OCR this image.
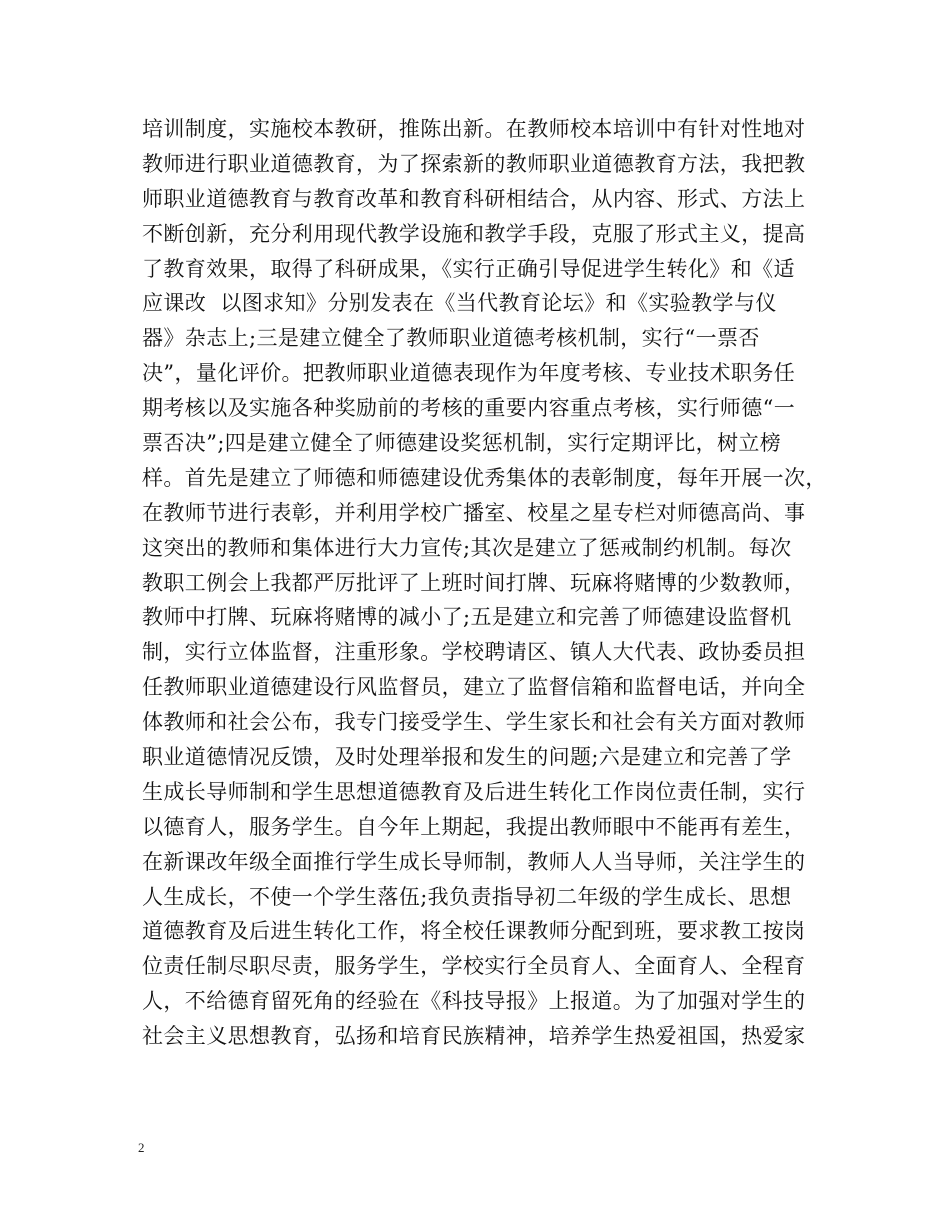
培训制度，实施校本教研，推陈出新。在教师校本培训中有针对性地对
教师进行职业道德教育，为了探索新的教师职业道德教育方法，我把教
师职业道德教育与教育改革和教育科研相结合，从内容、形式、方法上
不断创新，充分利用现代教学设施和教学手段，克服了形式主义，提高
了教育效果，取得了科研成果，《实行正确引导促进学生转化》和《适
应课改  以图求知》分别发表在《当代教育论坛》和《实验教学与仪
器》杂志上;三是建立健全了教师职业道德考核机制，实行“一票否
决”，量化评价。把教师职业道德表现作为年度考核、专业技术职务任
期考核以及实施各种奖励前的考核的重要内容重点考核，实行师德“一
票否决”;四是建立健全了师德建设奖惩机制，实行定期评比，树立榜
样。首先是建立了师德和师德建设优秀集体的表彰制度，每年开展一次，
在教师节进行表彰，并利用学校广播室、校星之星专栏对师德高尚、事
这突出的教师和集体进行大力宣传;其次是建立了惩戒制约机制。每次
教职工例会上我都严厉批评了上班时间打牌、玩麻将赌博的少数教师，
教师中打牌、玩麻将赌博的减小了;五是建立和完善了师德建设监督机
制，实行立体监督，注重形象。学校聘请区、镇人大代表、政协委员担
任教师职业道德建设行风监督员，建立了监督信箱和监督电话，并向全
体教师和社会公布，我专门接受学生、学生家长和社会有关方面对教师
职业道德情况反馈，及时处理举报和发生的问题;六是建立和完善了学
生成长导师制和学生思想道德教育及后进生转化工作岗位责任制，实行
以德育人，服务学生。自今年上期起，我提出教师眼中不能再有差生，
在新课改年级全面推行学生成长导师制，教师人人当导师，关注学生的
人生成长，不使一个学生落伍;我负责指导初二年级的学生成长、思想
道德教育及后进生转化工作，将全校任课教师分配到班，要求教工按岗
位责任制尽职尽责，服务学生，学校实行全员育人、全面育人、全程育
人，不给德育留死角的经验在《科技导报》上报道。为了加强对学生的
社会主义思想教育，弘扬和培育民族精神，培养学生热爱祖国，热爱家
2
